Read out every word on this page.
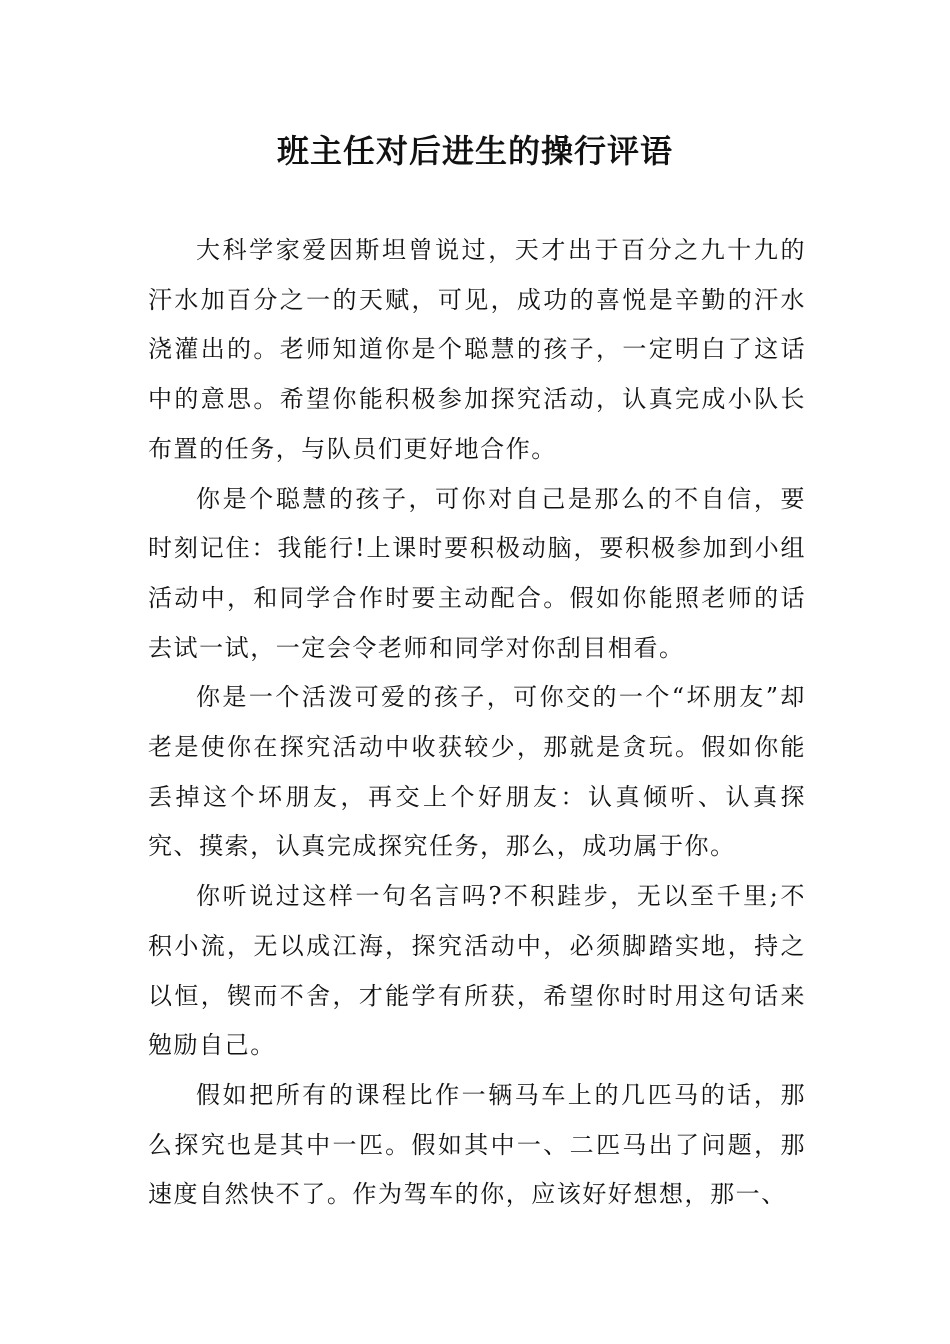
班主任对后进生的操行评语

大科学家爱因斯坦曾说过，天才出于百分之九十九的汗水加百分之一的天赋，可见，成功的喜悦是辛勤的汗水浇灌出的。老师知道你是个聪慧的孩子，一定明白了这话中的意思。希望你能积极参加探究活动，认真完成小队长布置的任务，与队员们更好地合作。

你是个聪慧的孩子，可你对自己是那么的不自信，要时刻记住：我能行!上课时要积极动脑，要积极参加到小组活动中，和同学合作时要主动配合。假如你能照老师的话去试一试，一定会令老师和同学对你刮目相看。

你是一个活泼可爱的孩子，可你交的一个“坏朋友”却老是使你在探究活动中收获较少，那就是贪玩。假如你能丢掉这个坏朋友，再交上个好朋友：认真倾听、认真探究、摸索，认真完成探究任务，那么，成功属于你。

你听说过这样一句名言吗?不积跬步，无以至千里;不积小流，无以成江海，探究活动中，必须脚踏实地，持之以恒，锲而不舍，才能学有所获，希望你时时用这句话来勉励自己。

假如把所有的课程比作一辆马车上的几匹马的话，那么探究也是其中一匹。假如其中一、二匹马出了问题，那速度自然快不了。作为驾车的你，应该好好想想，那一、
